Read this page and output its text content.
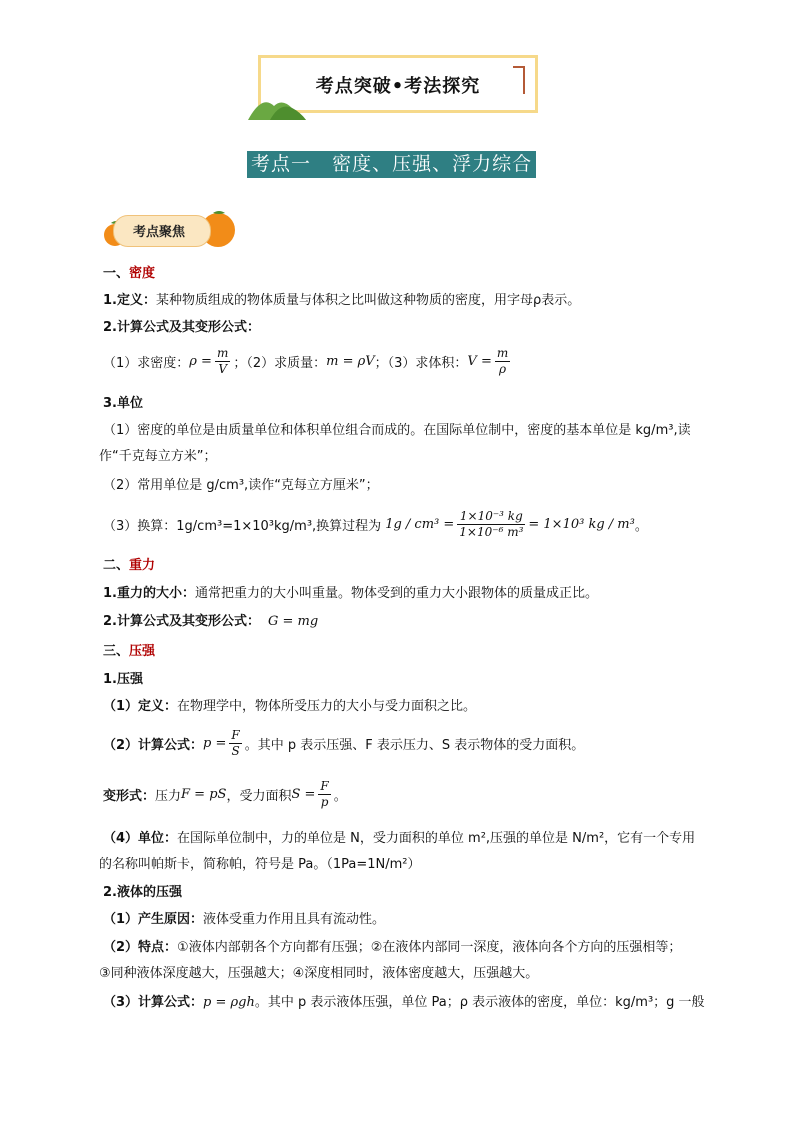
考点突破•考法探究
考点一   密度、压强、浮力综合
考点聚焦
一、密度
1.定义：某种物质组成的物体质量与体积之比叫做这种物质的密度，用字母ρ表示。
2.计算公式及其变形公式：
（1）求密度： $\rho = \frac{m}{V}$ ；（2）求质量： m = ρV ；（3）求体积： $V = \frac{m}{\rho}$
3.单位
（1）密度的单位是由质量单位和体积单位组合而成的。在国际单位制中，密度的基本单位是 kg/m³,读
作“千克每立方米”；
（2）常用单位是 g/cm³,读作“克每立方厘米”；
（3）换算：1g/cm³=1×10³kg/m³,换算过程为 $1g / cm^3 = \frac{\text{1×10⁻³ kg}}{\text{1×10⁻⁶ m³}} = 1\times 10^3$ kg / m³ 。
二、重力
1.重力的大小：通常把重力的大小叫重量。物体受到的重力大小跟物体的质量成正比。
2.计算公式及其变形公式： G = mg
三、压强
1.压强
（1）定义：在物理学中，物体所受压力的大小与受力面积之比。
（2）计算公式： $p = \frac{F}{S}$ 。其中 p 表示压强、F 表示压力、S 表示物体的受力面积。
变形式： 压力 F = pS ，受力面积 $S = \frac{F}{p}$ 。
（4）单位：在国际单位制中，力的单位是 N，受力面积的单位 m²,压强的单位是 N/m²，它有一个专用
的名称叫帕斯卡，简称帕，符号是 Pa。（1Pa=1N/m²）
2.液体的压强
（1）产生原因：液体受重力作用且具有流动性。
（2）特点：①液体内部朝各个方向都有压强；②在液体内部同一深度，液体向各个方向的压强相等；
③同种液体深度越大，压强越大；④深度相同时，液体密度越大，压强越大。
（3）计算公式：p = ρgh。其中 p 表示液体压强，单位 Pa；ρ 表示液体的密度，单位：kg/m³；g 一般
